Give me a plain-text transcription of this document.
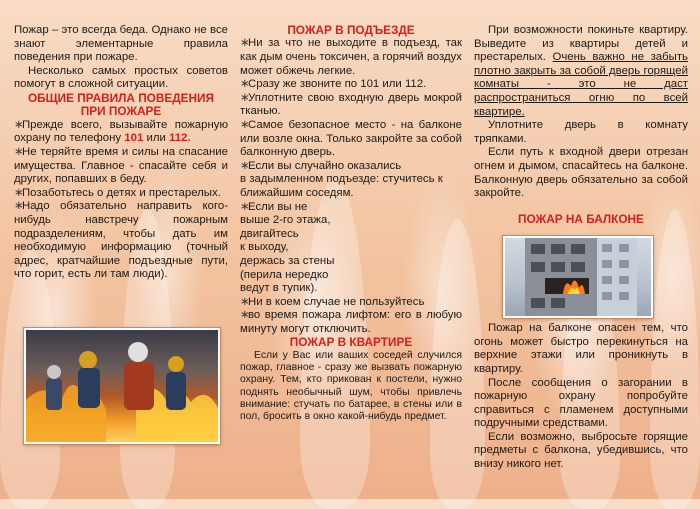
Пожар – это всегда беда. Однако не все знают элементарные правила поведения при пожаре.

Несколько самых простых советов помогут в сложной ситуации.

ОБЩИЕ ПРАВИЛА ПОВЕДЕНИЯ ПРИ ПОЖАРЕ

∗Прежде всего, вызывайте пожарную охрану по телефону 101 или 112.

∗Не теряйте время и силы на спасание имущества. Главное - спасайте себя и других, попавших в беду.

∗Позаботьтесь о детях и престарелых.

∗Надо обязательно направить кого-нибудь навстречу пожарным подразделениям, чтобы дать им необходимую информацию (точный адрес, кратчайшие подъездные пути, что горит, есть ли там люди).

ПОЖАР В ПОДЪЕЗДЕ

∗Ни за что не выходите в подъезд, так как дым очень токсичен, а горячий воздух может обжечь легкие.

∗Сразу же звоните по 101 или 112.

∗Уплотните свою входную дверь мокрой тканью.

∗Самое безопасное место - на балконе или возле окна. Только закройте за собой балконную дверь.

∗Если вы случайно оказались
в задымленном подъезде: стучитесь к ближайшим соседям.

∗Если вы не
выше 2-го этажа,
двигайтесь
к выходу,
держась за стены
(перила нередко
ведут в тупик).

∗Ни в коем случае не пользуйтесь

∗во время пожара лифтом: его в любую минуту могут отключить.

ПОЖАР В КВАРТИРЕ

Если у Вас или ваших соседей случился пожар, главное - сразу же вызвать пожарную охрану. Тем, кто прикован к постели, нужно поднять необычный шум, чтобы привлечь внимание: стучать по батарее, в стены или в пол, бросить в окно какой-нибудь предмет.

При возможности покиньте квартиру. Выведите из квартиры детей и престарелых. Очень важно не забыть плотно закрыть за собой дверь горящей комнаты - это не даст распространиться огню по всей квартире.

Уплотните дверь в комнату тряпками.

Если путь к входной двери отрезан огнем и дымом, спасайтесь на балконе. Балконную дверь обязательно за собой закройте.

ПОЖАР НА БАЛКОНЕ

Пожар на балконе опасен тем, что огонь может быстро перекинуться на верхние этажи или проникнуть в квартиру.

После сообщения о загорании в пожарную охрану попробуйте справиться с пламенем доступными подручными средствами.

Если возможно, выбросьте горящие предметы с балкона, убедившись, что внизу никого нет.
